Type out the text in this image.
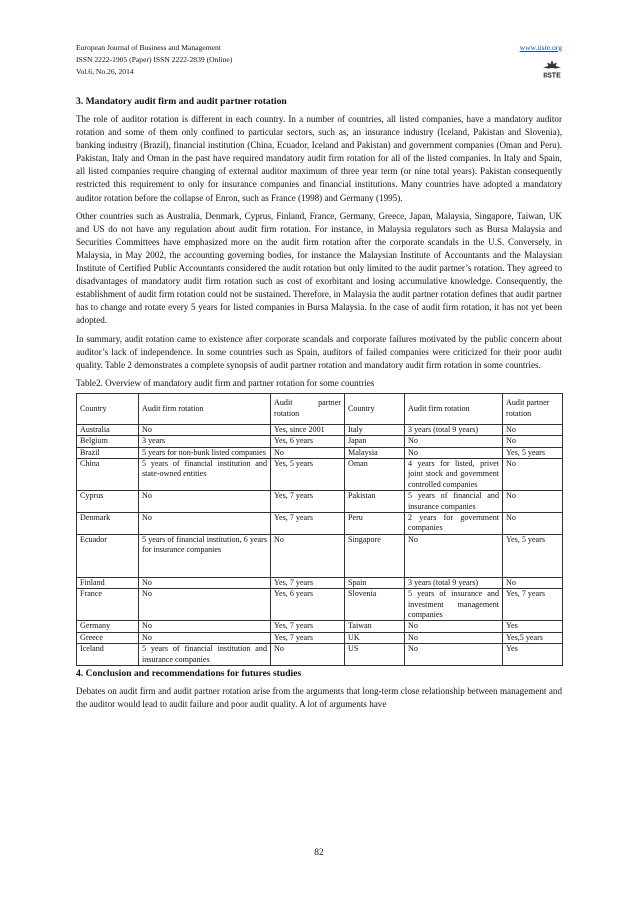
European Journal of Business and Management
ISSN 2222-1905 (Paper) ISSN 2222-2839 (Online)
Vol.6, No.26, 2014
www.iiste.org
IISTE
3. Mandatory audit firm and audit partner rotation

The role of auditor rotation is different in each country. In a number of countries, all listed companies, have a mandatory auditor rotation and some of them only confined to particular sectors, such as, an insurance industry (Iceland, Pakistan and Slovenia), banking industry (Brazil), financial institution (China, Ecuador, Iceland and Pakistan) and government companies (Oman and Peru). Pakistan, Italy and Oman in the past have required mandatory audit firm rotation for all of the listed companies. In Italy and Spain, all listed companies require changing of external auditor maximum of three year term (or nine total years). Pakistan consequently restricted this requirement to only for insurance companies and financial institutions. Many countries have adopted a mandatory auditor rotation before the collapse of Enron, such as France (1998) and Germany (1995).

Other countries such as Australia, Denmark, Cyprus, Finland, France, Germany, Greece, Japan, Malaysia, Singapore, Taiwan, UK and US do not have any regulation about audit firm rotation. For instance, in Malaysia regulators such as Bursa Malaysia and Securities Committees have emphasized more on the audit firm rotation after the corporate scandals in the U.S. Conversely, in Malaysia, in May 2002, the accounting governing bodies, for instance the Malaysian Institute of Accountants and the Malaysian Institute of Certified Public Accountants considered the audit rotation but only limited to the audit partner’s rotation. They agreed to disadvantages of mandatory audit firm rotation such as cost of exorbitant and losing accumulative knowledge. Consequently, the establishment of audit firm rotation could not be sustained. Therefore, in Malaysia the audit partner rotation defines that audit partner has to change and rotate every 5 years for listed companies in Bursa Malaysia. In the case of audit firm rotation, it has not yet been adopted.

In summary, audit rotation came to existence after corporate scandals and corporate failures motivated by the public concern about auditor’s lack of independence. In some countries such as Spain, auditors of failed companies were criticized for their poor audit quality. Table 2 demonstrates a complete synopsis of audit partner rotation and mandatory audit firm rotation in some countries.

Table2. Overview of mandatory audit firm and partner rotation for some countries
Country	Audit firm rotation	Audit partner rotation	Country	Audit firm rotation	Audit partner rotation
Australia	No	Yes, since 2001	Italy	3 years (total 9 years)	No
Belgium	3 years	Yes, 6 years	Japan	No	No
Brazil	5 years for non-bunk listed companies	No	Malaysia	No	Yes, 5 years
China	5 years of financial institution and state-owned entities	Yes, 5 years	Oman	4 years for listed, privet joint stock and government controlled companies	No
Cyprus	No	Yes, 7 years	Pakistan	5 years of financial and insurance companies	No
Denmark	No	Yes, 7 years	Peru	2 years for government companies	No
Ecuador	5 years of financial institution, 6 years for insurance companies	No	Singapore	No	Yes, 5 years
Finland	No	Yes, 7 years	Spain	3 years (total 9 years)	No
France	No	Yes, 6 years	Slovenia	5 years of insurance and investment management companies	Yes, 7 years
Germany	No	Yes, 7 years	Taiwan	No	Yes
Greece	No	Yes, 7 years	UK	No	Yes,5 years
Iceland	5 years of financial institution and insurance companies	No	US	No	Yes
4. Conclusion and recommendations for futures studies

Debates on audit firm and audit partner rotation arise from the arguments that long-term close relationship between management and the auditor would lead to audit failure and poor audit quality. A lot of arguments have

82
